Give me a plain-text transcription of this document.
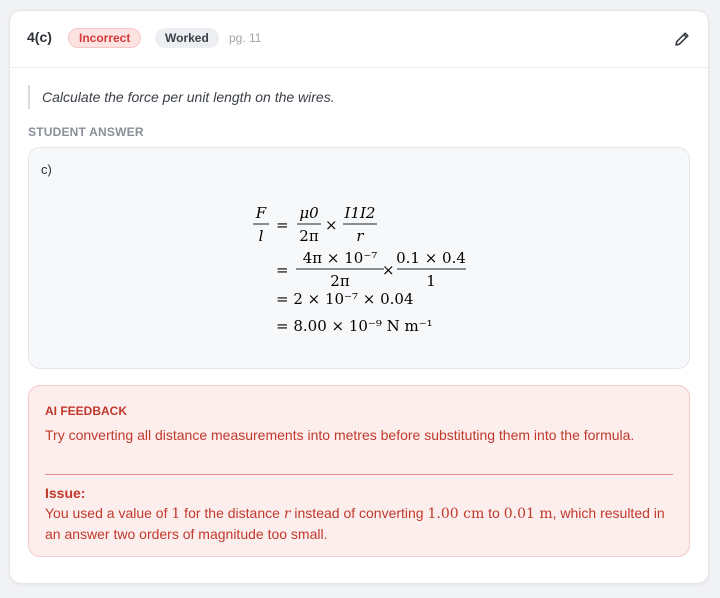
4(c)	Incorrect	Worked	pg. 11
Calculate the force per unit length on the wires.
STUDENT ANSWER
c)
F
l
=
μ0
2π
×
I1I2
r
=
4π × 10⁻⁷
2π
×
0.1 × 0.4
1
= 2 × 10⁻⁷ × 0.04
= 8.00 × 10⁻⁹ N m⁻¹
AI FEEDBACK
Try converting all distance measurements into metres before substituting them into the formula.
Issue:
You used a value of 1 for the distance r instead of converting 1.00 cm to 0.01 m, which resulted in an answer two orders of magnitude too small.
